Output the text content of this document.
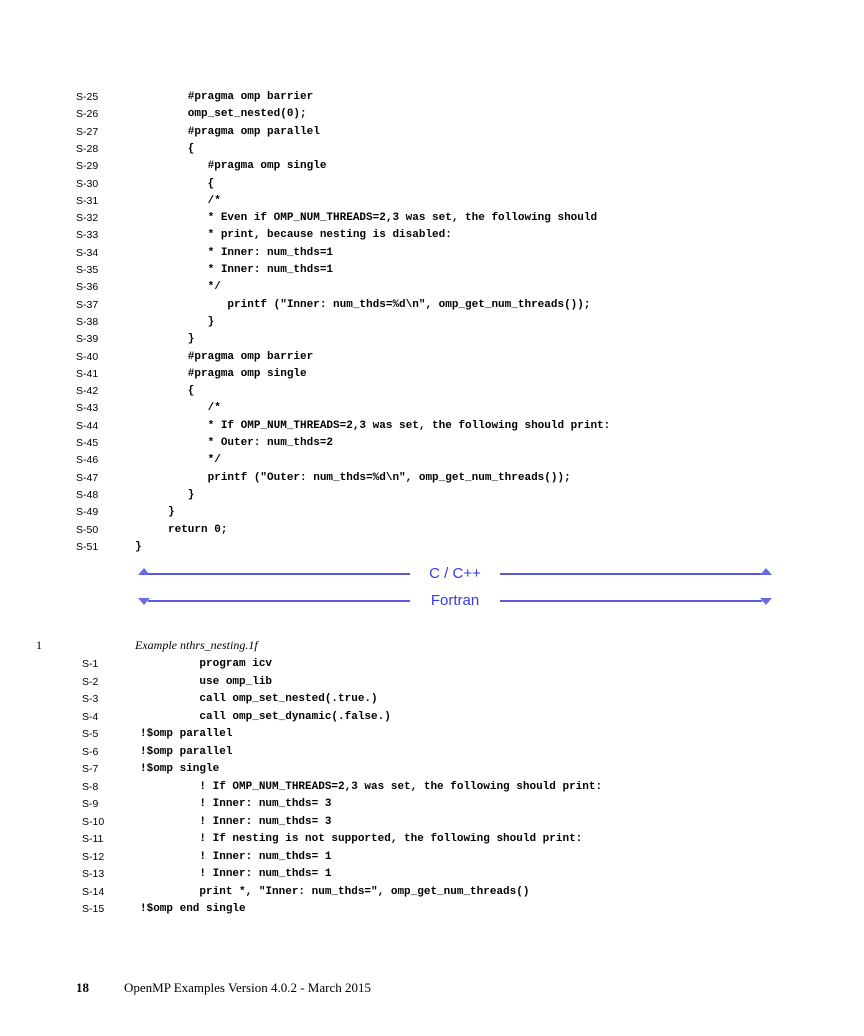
S-25	#pragma omp barrier
S-26	omp_set_nested(0);
S-27	#pragma omp parallel
S-28	{
S-29	#pragma omp single
S-30	{
S-31	/*
S-32	* Even if OMP_NUM_THREADS=2,3 was set, the following should
S-33	* print, because nesting is disabled:
S-34	* Inner: num_thds=1
S-35	* Inner: num_thds=1
S-36	*/
S-37	printf ("Inner: num_thds=%d\n", omp_get_num_threads());
S-38	}
S-39	}
S-40	#pragma omp barrier
S-41	#pragma omp single
S-42	{
S-43	/*
S-44	* If OMP_NUM_THREADS=2,3 was set, the following should print:
S-45	* Outer: num_thds=2
S-46	*/
S-47	printf ("Outer: num_thds=%d\n", omp_get_num_threads());
S-48	}
S-49	}
S-50	return 0;
S-51	}
C / C++
Fortran
1	Example nthrs_nesting.1f
S-1	program icv
S-2	use omp_lib
S-3	call omp_set_nested(.true.)
S-4	call omp_set_dynamic(.false.)
S-5	!$omp parallel
S-6	!$omp parallel
S-7	!$omp single
S-8	! If OMP_NUM_THREADS=2,3 was set, the following should print:
S-9	! Inner: num_thds= 3
S-10	! Inner: num_thds= 3
S-11	! If nesting is not supported, the following should print:
S-12	! Inner: num_thds= 1
S-13	! Inner: num_thds= 1
S-14	print *, "Inner: num_thds=", omp_get_num_threads()
S-15	!$omp end single
18	OpenMP Examples Version 4.0.2 - March 2015
